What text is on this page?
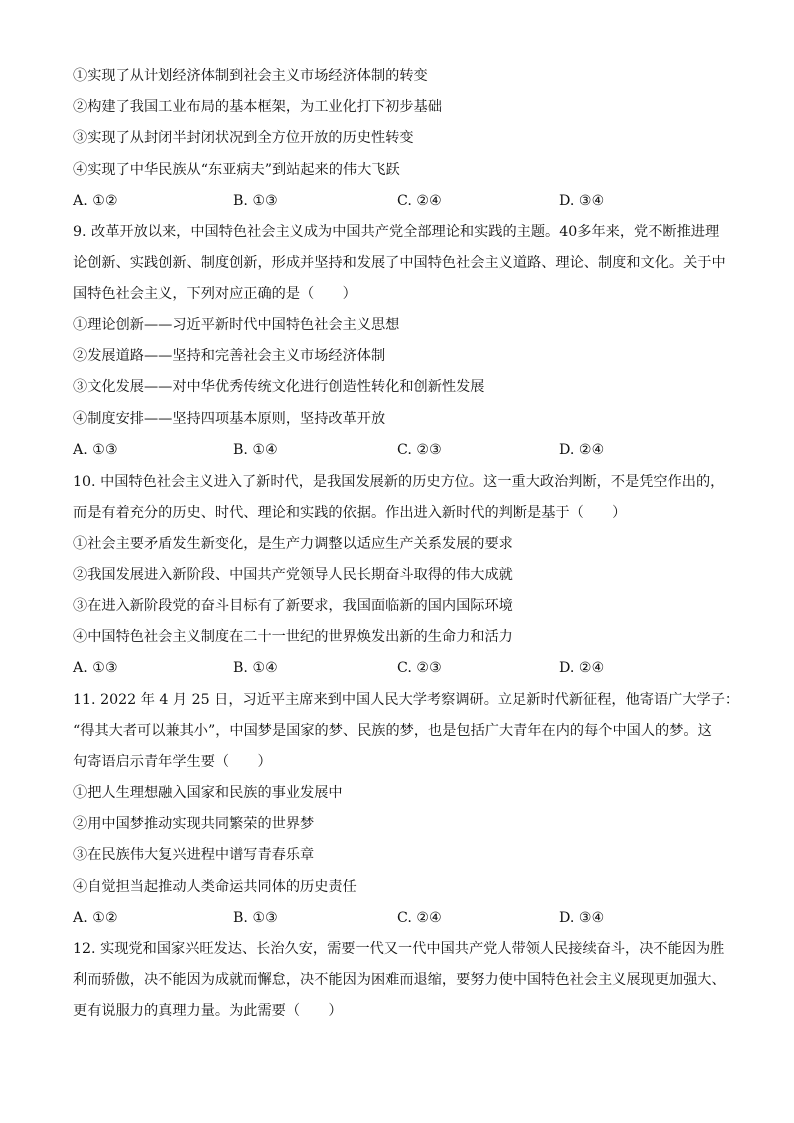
①实现了从计划经济体制到社会主义市场经济体制的转变
②构建了我国工业布局的基本框架，为工业化打下初步基础
③实现了从封闭半封闭状况到全方位开放的历史性转变
④实现了中华民族从“东亚病夫”到站起来的伟大飞跃
A. ①②	B. ①③	C. ②④	D. ③④
9. 改革开放以来，中国特色社会主义成为中国共产党全部理论和实践的主题。40多年来，党不断推进理
论创新、实践创新、制度创新，形成并坚持和发展了中国特色社会主义道路、理论、制度和文化。关于中
国特色社会主义，下列对应正确的是（　　）
①理论创新——习近平新时代中国特色社会主义思想
②发展道路——坚持和完善社会主义市场经济体制
③文化发展——对中华优秀传统文化进行创造性转化和创新性发展
④制度安排——坚持四项基本原则，坚持改革开放
A. ①③	B. ①④	C. ②③	D. ②④
10. 中国特色社会主义进入了新时代，是我国发展新的历史方位。这一重大政治判断，不是凭空作出的，
而是有着充分的历史、时代、理论和实践的依据。作出进入新时代的判断是基于（　　）
①社会主要矛盾发生新变化，是生产力调整以适应生产关系发展的要求
②我国发展进入新阶段、中国共产党领导人民长期奋斗取得的伟大成就
③在进入新阶段党的奋斗目标有了新要求，我国面临新的国内国际环境
④中国特色社会主义制度在二十一世纪的世界焕发出新的生命力和活力
A. ①③	B. ①④	C. ②③	D. ②④
11. 2022 年 4 月 25 日，习近平主席来到中国人民大学考察调研。立足新时代新征程，他寄语广大学子：
“得其大者可以兼其小”，中国梦是国家的梦、民族的梦，也是包括广大青年在内的每个中国人的梦。这
句寄语启示青年学生要（　　）
①把人生理想融入国家和民族的事业发展中
②用中国梦推动实现共同繁荣的世界梦
③在民族伟大复兴进程中谱写青春乐章
④自觉担当起推动人类命运共同体的历史责任
A. ①②	B. ①③	C. ②④	D. ③④
12. 实现党和国家兴旺发达、长治久安，需要一代又一代中国共产党人带领人民接续奋斗，决不能因为胜
利而骄傲，决不能因为成就而懈怠，决不能因为困难而退缩，要努力使中国特色社会主义展现更加强大、
更有说服力的真理力量。为此需要（　　）
